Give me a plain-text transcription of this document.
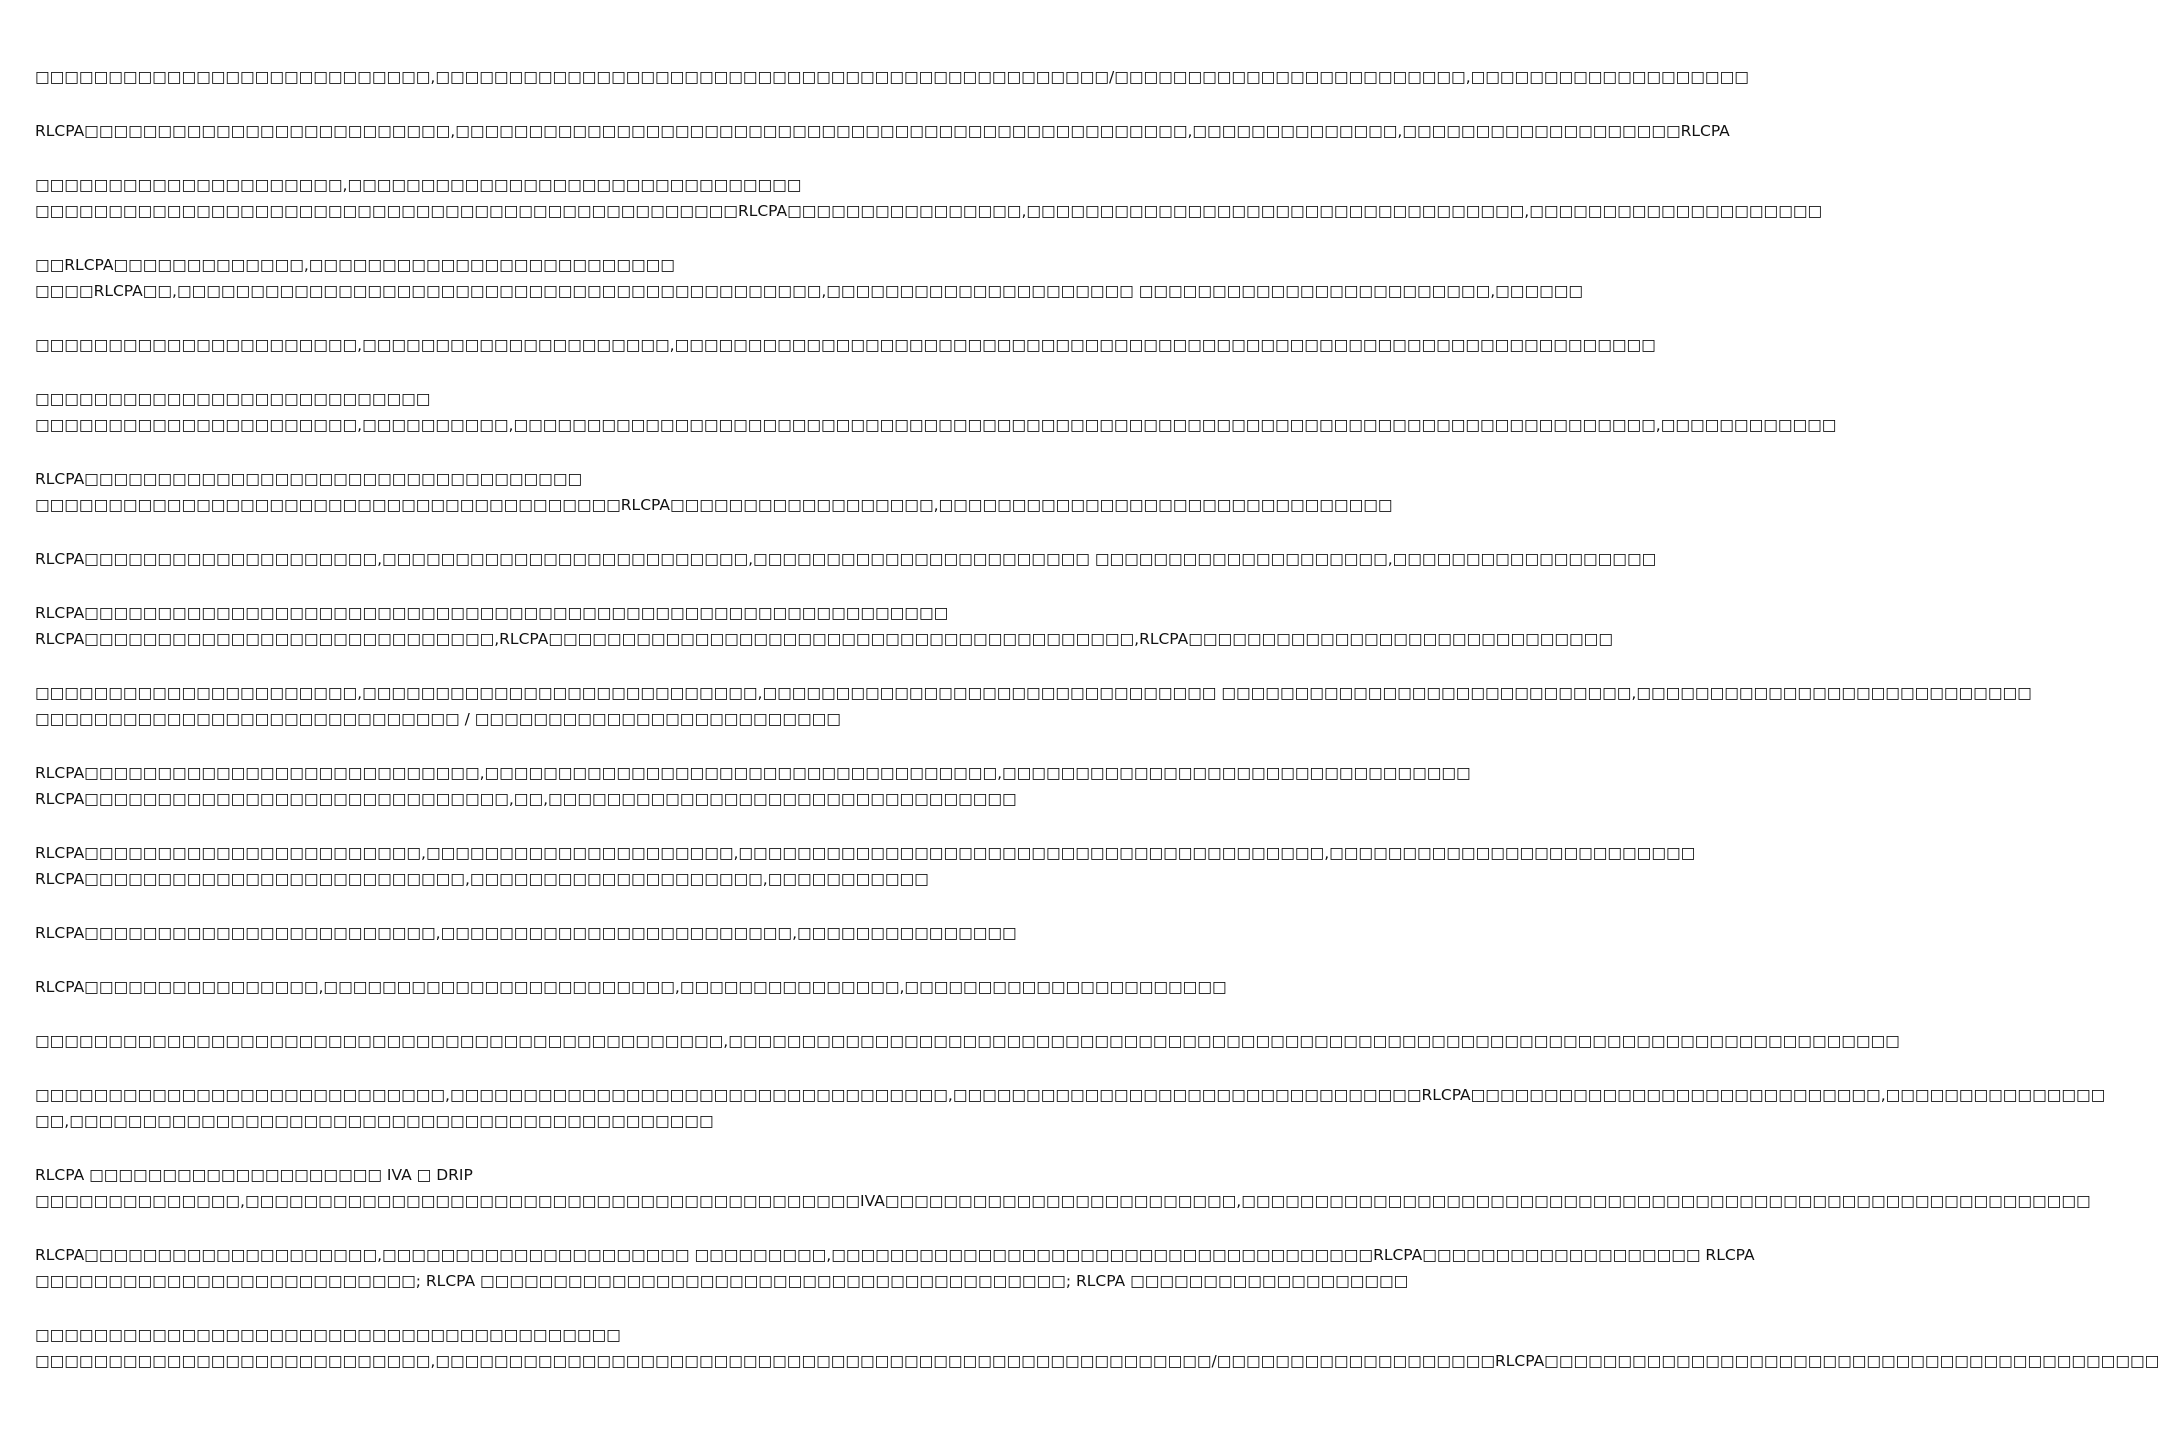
□□□□□□□□□□□□□□□□□□□□□□□□□□□,□□□□□□□□□□□□□□□□□□□□□□□□□□□□□□□□□□□□□□□□□□□□□□/□□□□□□□□□□□□□□□□□□□□□□□□,□□□□□□□□□□□□□□□□□□□
RLCPA□□□□□□□□□□□□□□□□□□□□□□□□□,□□□□□□□□□□□□□□□□□□□□□□□□□□□□□□□□□□□□□□□□□□□□□□□□□□,□□□□□□□□□□□□□□,□□□□□□□□□□□□□□□□□□□RLCPA
□□□□□□□□□□□□□□□□□□□□□,□□□□□□□□□□□□□□□□□□□□□□□□□□□□□□□
□□□□□□□□□□□□□□□□□□□□□□□□□□□□□□□□□□□□□□□□□□□□□□□□RLCPA□□□□□□□□□□□□□□□□,□□□□□□□□□□□□□□□□□□□□□□□□□□□□□□□□□□,□□□□□□□□□□□□□□□□□□□□
□□RLCPA□□□□□□□□□□□□□,□□□□□□□□□□□□□□□□□□□□□□□□□
□□□□RLCPA□□,□□□□□□□□□□□□□□□□□□□□□□□□□□□□□□□□□□□□□□□□□□□□,□□□□□□□□□□□□□□□□□□□□□ □□□□□□□□□□□□□□□□□□□□□□□□,□□□□□□
□□□□□□□□□□□□□□□□□□□□□□,□□□□□□□□□□□□□□□□□□□□□,□□□□□□□□□□□□□□□□□□□□□□□□□□□□□□□□□□□□□□□□□□□□□□□□□□□□□□□□□□□□□□□□□□□
□□□□□□□□□□□□□□□□□□□□□□□□□□□
□□□□□□□□□□□□□□□□□□□□□□,□□□□□□□□□□,□□□□□□□□□□□□□□□□□□□□□□□□□□□□□□□□□□□□□□□□□□□□□□□□□□□□□□□□□□□□□□□□□□□□□□□□□□□□□□,□□□□□□□□□□□□
RLCPA□□□□□□□□□□□□□□□□□□□□□□□□□□□□□□□□□□
□□□□□□□□□□□□□□□□□□□□□□□□□□□□□□□□□□□□□□□□RLCPA□□□□□□□□□□□□□□□□□□,□□□□□□□□□□□□□□□□□□□□□□□□□□□□□□□
RLCPA□□□□□□□□□□□□□□□□□□□□,□□□□□□□□□□□□□□□□□□□□□□□□□,□□□□□□□□□□□□□□□□□□□□□□□ □□□□□□□□□□□□□□□□□□□□,□□□□□□□□□□□□□□□□□□
RLCPA□□□□□□□□□□□□□□□□□□□□□□□□□□□□□□□□□□□□□□□□□□□□□□□□□□□□□□□□□□□
RLCPA□□□□□□□□□□□□□□□□□□□□□□□□□□□□,RLCPA□□□□□□□□□□□□□□□□□□□□□□□□□□□□□□□□□□□□□□□□,RLCPA□□□□□□□□□□□□□□□□□□□□□□□□□□□□□
□□□□□□□□□□□□□□□□□□□□□□,□□□□□□□□□□□□□□□□□□□□□□□□□□□,□□□□□□□□□□□□□□□□□□□□□□□□□□□□□□□ □□□□□□□□□□□□□□□□□□□□□□□□□□□□,□□□□□□□□□□□□□□□□□□□□□□□□□□□
□□□□□□□□□□□□□□□□□□□□□□□□□□□□□ / □□□□□□□□□□□□□□□□□□□□□□□□□
RLCPA□□□□□□□□□□□□□□□□□□□□□□□□□□□,□□□□□□□□□□□□□□□□□□□□□□□□□□□□□□□□□□□,□□□□□□□□□□□□□□□□□□□□□□□□□□□□□□□□
RLCPA□□□□□□□□□□□□□□□□□□□□□□□□□□□□□,□□,□□□□□□□□□□□□□□□□□□□□□□□□□□□□□□□□
RLCPA□□□□□□□□□□□□□□□□□□□□□□□,□□□□□□□□□□□□□□□□□□□□□,□□□□□□□□□□□□□□□□□□□□□□□□□□□□□□□□□□□□□□□□,□□□□□□□□□□□□□□□□□□□□□□□□□
RLCPA□□□□□□□□□□□□□□□□□□□□□□□□□□,□□□□□□□□□□□□□□□□□□□□,□□□□□□□□□□□
RLCPA□□□□□□□□□□□□□□□□□□□□□□□□,□□□□□□□□□□□□□□□□□□□□□□□□,□□□□□□□□□□□□□□□
RLCPA□□□□□□□□□□□□□□□□,□□□□□□□□□□□□□□□□□□□□□□□□,□□□□□□□□□□□□□□□,□□□□□□□□□□□□□□□□□□□□□□
□□□□□□□□□□□□□□□□□□□□□□□□□□□□□□□□□□□□□□□□□□□□□□□,□□□□□□□□□□□□□□□□□□□□□□□□□□□□□□□□□□□□□□□□□□□□□□□□□□□□□□□□□□□□□□□□□□□□□□□□□□□□□□□□
□□□□□□□□□□□□□□□□□□□□□□□□□□□□,□□□□□□□□□□□□□□□□□□□□□□□□□□□□□□□□□□,□□□□□□□□□□□□□□□□□□□□□□□□□□□□□□□□RLCPA□□□□□□□□□□□□□□□□□□□□□□□□□□□□,□□□□□□□□□□□□□□□
□□,□□□□□□□□□□□□□□□□□□□□□□□□□□□□□□□□□□□□□□□□□□□□
RLCPA □□□□□□□□□□□□□□□□□□□□ IVA □ DRIP
□□□□□□□□□□□□□□,□□□□□□□□□□□□□□□□□□□□□□□□□□□□□□□□□□□□□□□□□□IVA□□□□□□□□□□□□□□□□□□□□□□□□,□□□□□□□□□□□□□□□□□□□□□□□□□□□□□□□□□□□□□□□□□□□□□□□□□□□□□□□□□□
RLCPA□□□□□□□□□□□□□□□□□□□□,□□□□□□□□□□□□□□□□□□□□□ □□□□□□□□□,□□□□□□□□□□□□□□□□□□□□□□□□□□□□□□□□□□□□□RLCPA□□□□□□□□□□□□□□□□□□□ RLCPA
□□□□□□□□□□□□□□□□□□□□□□□□□□; RLCPA □□□□□□□□□□□□□□□□□□□□□□□□□□□□□□□□□□□□□□□□; RLCPA □□□□□□□□□□□□□□□□□□□
□□□□□□□□□□□□□□□□□□□□□□□□□□□□□□□□□□□□□□□□
□□□□□□□□□□□□□□□□□□□□□□□□□□□,□□□□□□□□□□□□□□□□□□□□□□□□□□□□□□□□□□□□□□□□□□□□□□□□□□□□□/□□□□□□□□□□□□□□□□□□□RLCPA□□□□□□□□□□□□□□□□□□□□□□□□□□□□□□□□□□□□□□□□□□
